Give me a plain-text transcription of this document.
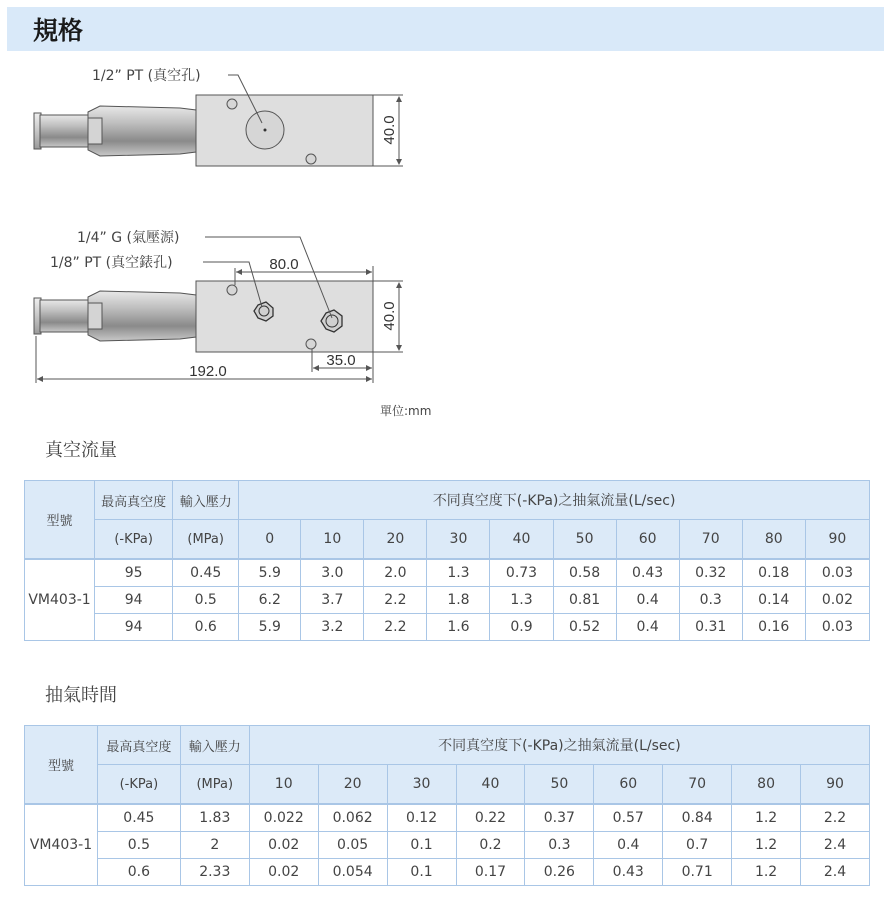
規格
40.0
1/2” PT (真空孔)
40.0
80.0
35.0
192.0
1/4” G (氣壓源)
1/8” PT (真空錶孔)
單位:mm
真空流量
型號	最高真空度	輸入壓力	不同真空度下(-KPa)之抽氣流量(L/sec)									
	(-KPa)	(MPa)	0	10	20	30	40	50	60	70	80	90
VM403-1	95	0.45	5.9	3.0	2.0	1.3	0.73	0.58	0.43	0.32	0.18	0.03
	94	0.5	6.2	3.7	2.2	1.8	1.3	0.81	0.4	0.3	0.14	0.02
	94	0.6	5.9	3.2	2.2	1.6	0.9	0.52	0.4	0.31	0.16	0.03
抽氣時間
型號	最高真空度	輸入壓力	不同真空度下(-KPa)之抽氣流量(L/sec)								
	(-KPa)	(MPa)	10	20	30	40	50	60	70	80	90
VM403-1	0.45	1.83	0.022	0.062	0.12	0.22	0.37	0.57	0.84	1.2	2.2
	0.5	2	0.02	0.05	0.1	0.2	0.3	0.4	0.7	1.2	2.4
	0.6	2.33	0.02	0.054	0.1	0.17	0.26	0.43	0.71	1.2	2.4
